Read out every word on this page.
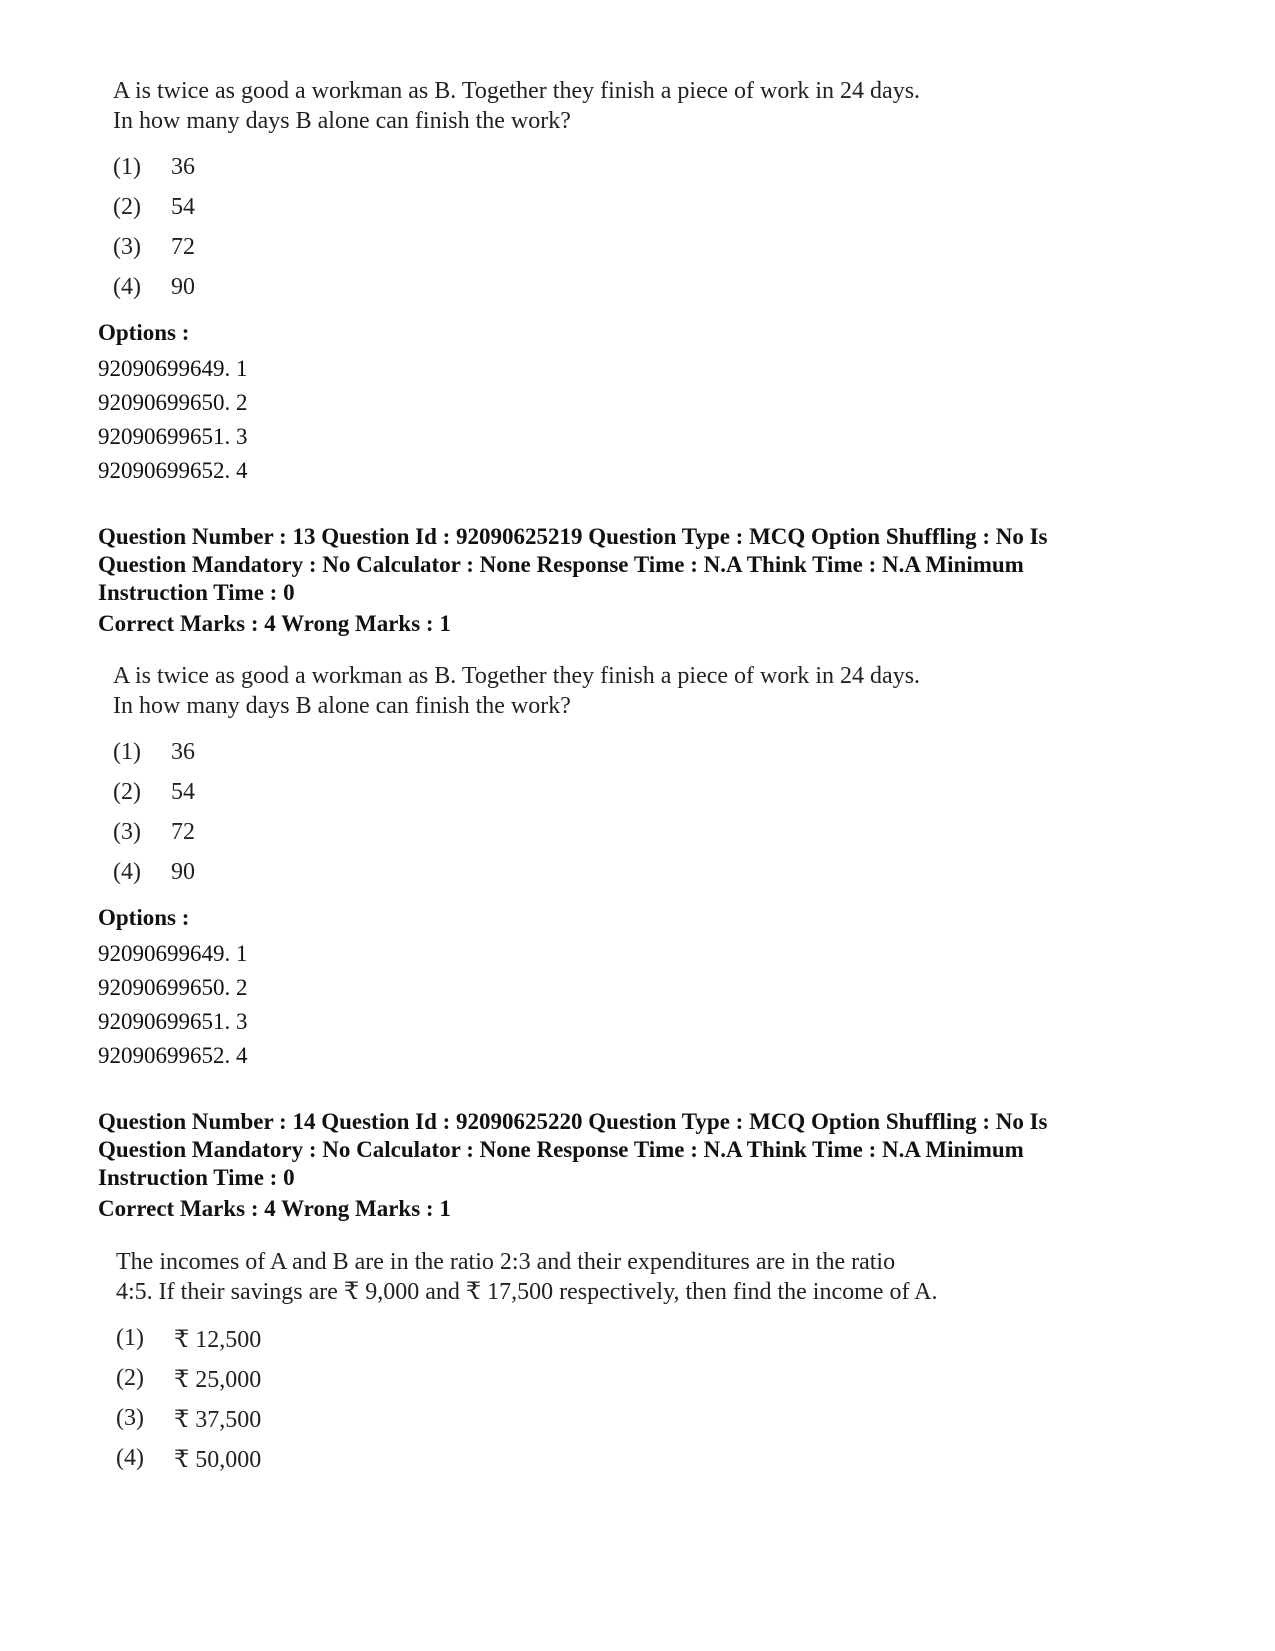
A is twice as good a workman as B. Together they finish a piece of work in 24 days.
In how many days B alone can finish the work?
(1)	36
(2)	54
(3)	72
(4)	90
Options :
92090699649. 1
92090699650. 2
92090699651. 3
92090699652. 4
Question Number : 13 Question Id : 92090625219 Question Type : MCQ Option Shuffling : No Is
Question Mandatory : No Calculator : None Response Time : N.A Think Time : N.A Minimum
Instruction Time : 0
Correct Marks : 4 Wrong Marks : 1
A is twice as good a workman as B. Together they finish a piece of work in 24 days.
In how many days B alone can finish the work?
(1)	36
(2)	54
(3)	72
(4)	90
Options :
92090699649. 1
92090699650. 2
92090699651. 3
92090699652. 4
Question Number : 14 Question Id : 92090625220 Question Type : MCQ Option Shuffling : No Is
Question Mandatory : No Calculator : None Response Time : N.A Think Time : N.A Minimum
Instruction Time : 0
Correct Marks : 4 Wrong Marks : 1
The incomes of A and B are in the ratio 2:3 and their expenditures are in the ratio
4:5. If their savings are ₹ 9,000 and ₹ 17,500 respectively, then find the income of A.
(1)	₹ 12,500
(2)	₹ 25,000
(3)	₹ 37,500
(4)	₹ 50,000
